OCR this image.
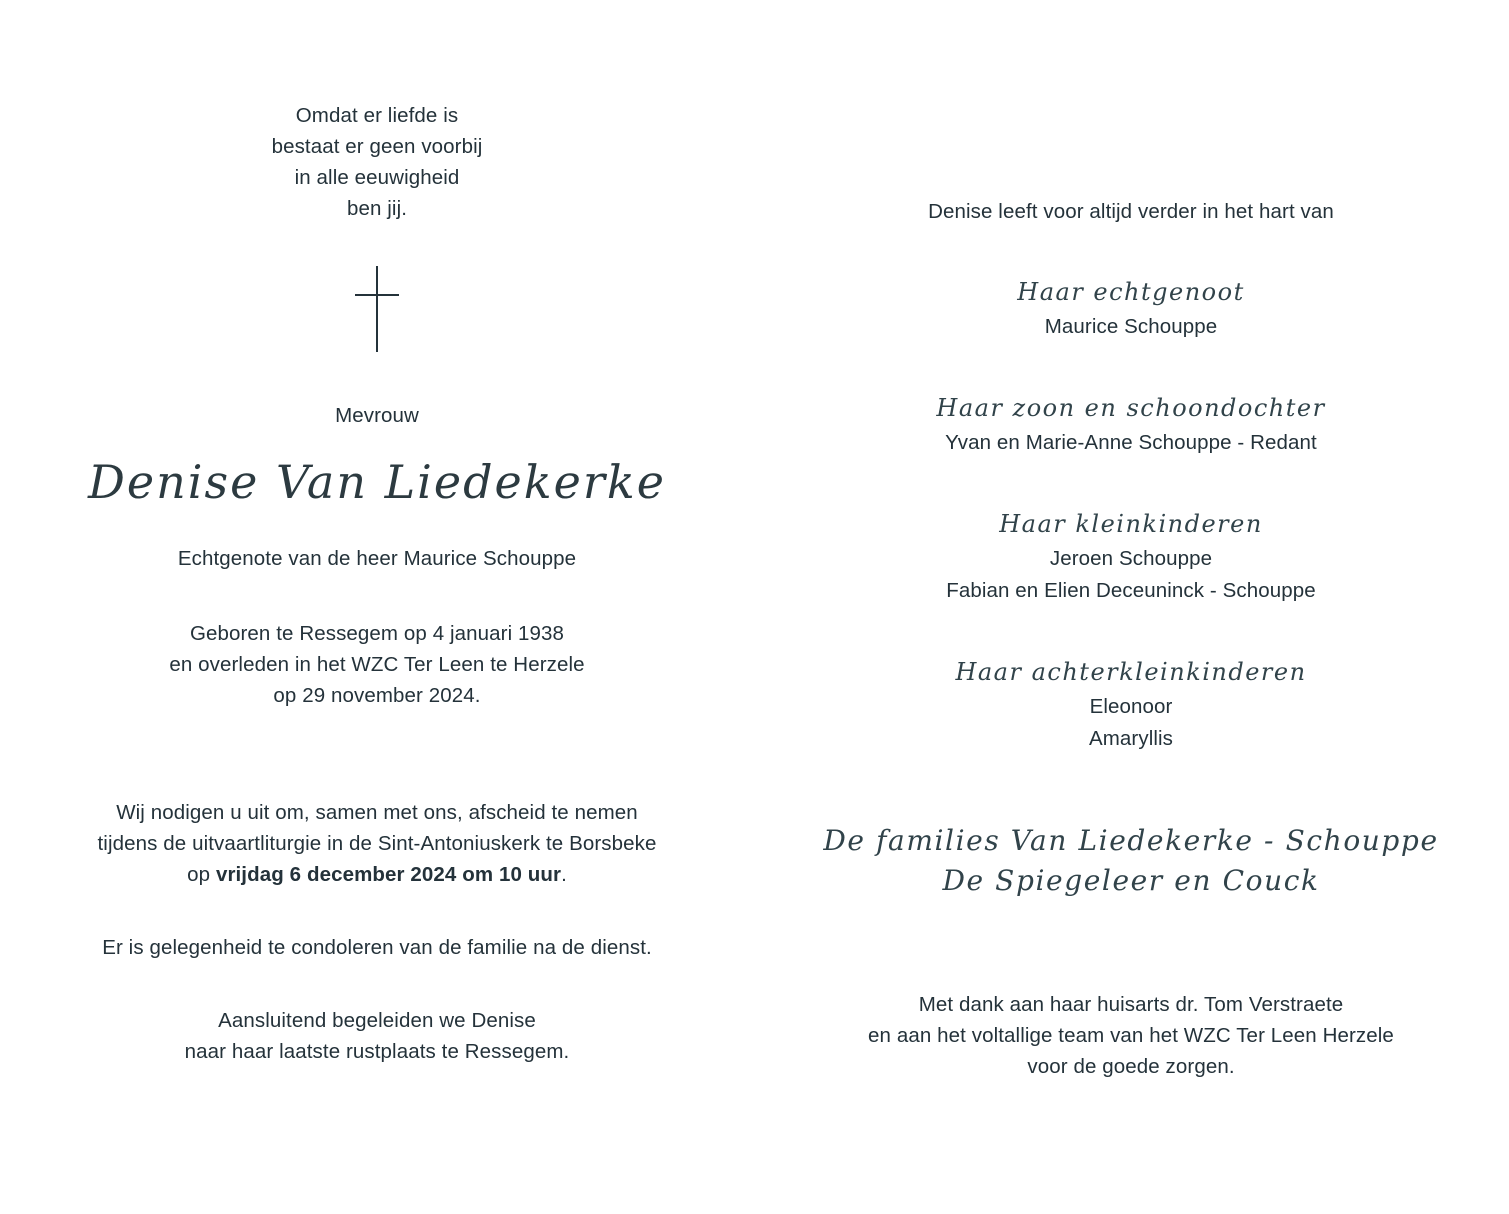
Omdat er liefde is
bestaat er geen voorbij
in alle eeuwigheid
ben jij.
Mevrouw
Denise Van Liedekerke
Echtgenote van de heer Maurice Schouppe
Geboren te Ressegem op 4 januari 1938
en overleden in het WZC Ter Leen te Herzele
op 29 november 2024.
Wij nodigen u uit om, samen met ons, afscheid te nemen
tijdens de uitvaartliturgie in de Sint-Antoniuskerk te Borsbeke
op vrijdag 6 december 2024 om 10 uur.
Er is gelegenheid te condoleren van de familie na de dienst.
Aansluitend begeleiden we Denise
naar haar laatste rustplaats te Ressegem.
Denise leeft voor altijd verder in het hart van
Haar echtgenoot
Maurice Schouppe
Haar zoon en schoondochter
Yvan en Marie-Anne Schouppe - Redant
Haar kleinkinderen
Jeroen Schouppe
Fabian en Elien Deceuninck - Schouppe
Haar achterkleinkinderen
Eleonoor
Amaryllis
De families Van Liedekerke - Schouppe
De Spiegeleer en Couck
Met dank aan haar huisarts dr. Tom Verstraete
en aan het voltallige team van het WZC Ter Leen Herzele
voor de goede zorgen.
